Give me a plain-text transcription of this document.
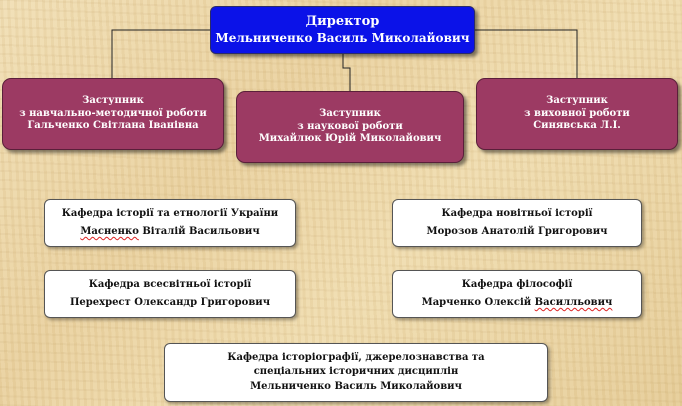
Директор
Мельниченко Василь Миколайович
Заступник
з навчально-методичної роботи
Гальченко Світлана Іванівна
Заступник
з наукової роботи
Михайлюк Юрій Миколайович
Заступник
з виховної роботи
Синявська Л.І.
Кафедра історії та етнології України
Масненко Віталій Васильович
Кафедра новітньої історії
Морозов Анатолій Григорович
Кафедра всесвітньої історії
Перехрест Олександр Григорович
Кафедра філософії
Марченко Олексій Василльович
Кафедра історіографії, джерелознавства та
спеціальних історичних дисциплін
Мельниченко Василь Миколайович
